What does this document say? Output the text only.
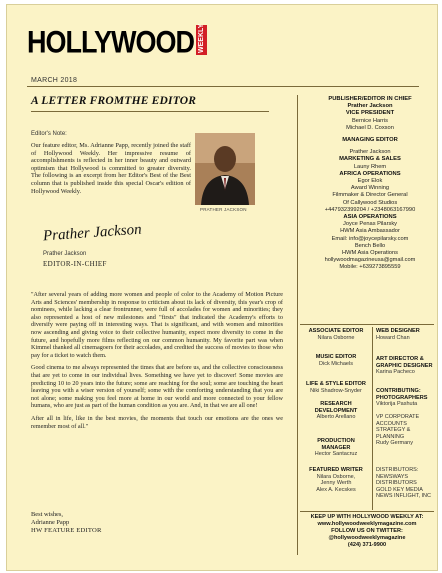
HOLLYWOOD WEEKLY
MARCH 2018
A LETTER FROMTHE EDITOR
Editor's Note:
Our feature editor, Ms. Adrianne Papp, recently joined the staff of Hollywood Weekly. Her impressive resume of accomplishments is reflected in her inner beauty and outward optimism that Hollywood is committed to greater diversity. The following is an excerpt from her Editor's Best of the Best column that is published inside this special Oscar's edition of Hollywood Weekly.
PRATHER JACKSON
Prather Jackson
Prather Jackson
EDITOR-IN-CHIEF

"After several years of adding more women and people of color to the Academy of Motion Picture Arts and Sciences' membership in response to criticism about its lack of diversity, this year's crop of nominees, while lacking a clear frontrunner, were full of accolades for women and minorities; they also represented a host of new milestones and "firsts" that indicated the Academy's efforts to diversify were paying off in interesting ways. That is significant, and with women and minorities now ascending and giving voice to their collective humanity, expect more diversity to come in the future, and hopefully more films reflecting on our common humanity. My favorite part was when Kimmel thanked all cinemagoers for their accolades, and credited the success of movies to those who pay for a ticket to watch them.

Good cinema to me always represented the times that are before us, and the collective consciousness that are yet to come in our individual lives. Something we have yet to discover! Some movies are predicting 10 to 20 years into the future; some are reaching for the soul; some are touching the heart leaving you with a wiser version of yourself; some with the comforting understanding that you are not alone; some making you feel more at home in our world and more connected to your fellow humans, who are just as part of the human condition as you are. And, in that we are all one!

After all in life, like in the best movies, the moments that touch our emotions are the ones we remember most of all."

Best wishes,
Adrianne Papp
HW FEATURE EDITOR
PUBLISHER/EDITOR IN CHIEF
Prather Jackson
VICE PRESIDENT
Bernice Harris
Michael D. Coxson
MANAGING EDITOR
Prather Jackson
MARKETING & SALES
Launy Rhem
AFRICA OPERATIONS
Egor Elok
Award Winning
Filmmaker & Director General
Of Callywood Studios
+447932399204 / +2348063167990
ASIA OPERATIONS
Joyce Penas Pilarsky
HWM Asia Ambassador
Email: info@joycepilarsky.com
Bench Bello
HWM Asia Operations
hollywoodmagazineusa@gmail.com
Mobile: +639273895559
ASSOCIATE EDITOR
Nilara Osborne
MUSIC EDITOR
Dick Michaels
LIFE & STYLE EDITOR
Niki Shadrow-Snyder
RESEARCH DEVELOPMENT
Alberto Arellano
PRODUCTION MANAGER
Hector Santacruz
FEATURED WRITER
Nilara Osborne,
Jenny Werth
Alex A. Kecskes
WEB DESIGNER
Howard Chan
ART DIRECTOR & GRAPHIC DESIGNER
Karina Pacheco
CONTRIBUTING: PHOTOGRAPHERS
Viktorija Pashuta
VP CORPORATE ACCOUNTS
STRATEGY & PLANNING
Rudy Germany
DISTRIBUTORS:
NEWSWAYS DISTRIBUTORS
GOLD KEY MEDIA
NEWS INFLIGHT, INC
KEEP UP WITH HOLLYWOOD WEEKLY AT:
www.hollywoodweeklymagazine.com
FOLLOW US ON TWITTER:
@hollywoodweeklymagazine
(424) 371-9900
